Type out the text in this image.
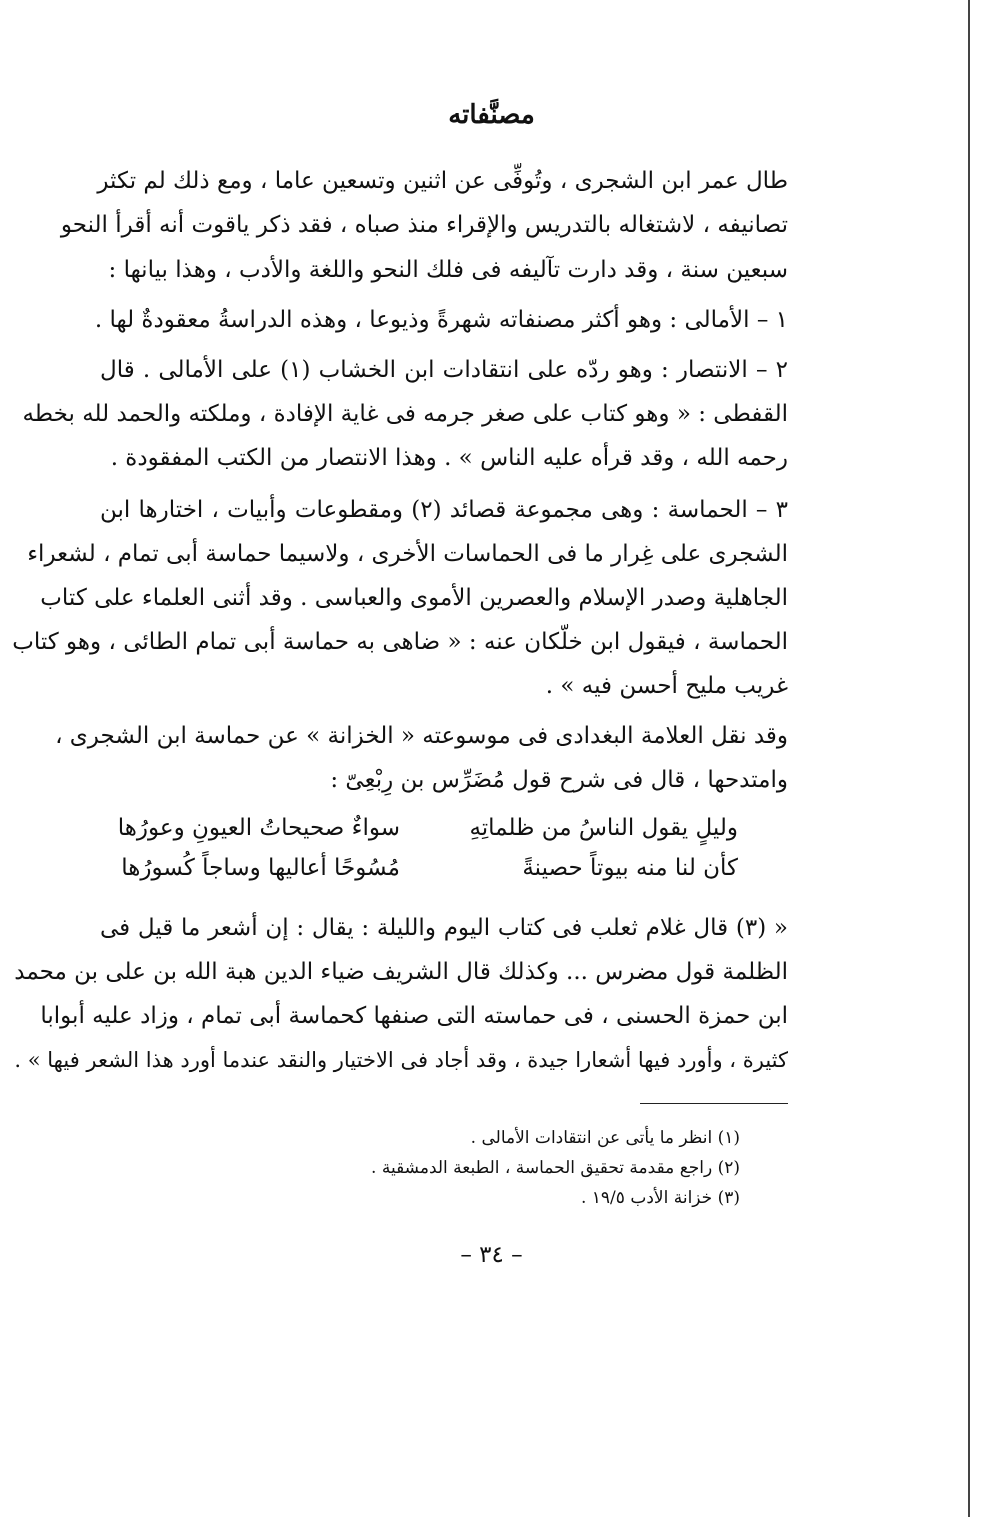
مصنَّفاته
طال عمر ابن الشجرى ، وتُوفِّى عن اثنين وتسعين عاما ، ومع ذلك لم تكثر
تصانيفه ، لاشتغاله بالتدريس والإقراء منذ صباه ، فقد ذكر ياقوت أنه أقرأ النحو
سبعين سنة ، وقد دارت تآليفه فى فلك النحو واللغة والأدب ، وهذا بيانها :
١ – الأمالى : وهو أكثر مصنفاته شهرةً وذيوعا ، وهذه الدراسةُ معقودةٌ لها .
٢ – الانتصار : وهو ردّه على انتقادات ابن الخشاب (١) على الأمالى . قال
القفطى : « وهو كتاب على صغر جرمه فى غاية الإفادة ، وملكته والحمد لله بخطه
رحمه الله ، وقد قرأه عليه الناس » . وهذا الانتصار من الكتب المفقودة .
٣ – الحماسة : وهى مجموعة قصائد (٢) ومقطوعات وأبيات ، اختارها ابن
الشجرى على غِرار ما فى الحماسات الأخرى ، ولاسيما حماسة أبى تمام ، لشعراء
الجاهلية وصدر الإسلام والعصرين الأموى والعباسى . وقد أثنى العلماء على كتاب
الحماسة ، فيقول ابن خلّكان عنه : « ضاهى به حماسة أبى تمام الطائى ، وهو كتاب
غريب مليح أحسن فيه » .
وقد نقل العلامة البغدادى فى موسوعته « الخزانة » عن حماسة ابن الشجرى ،
وامتدحها ، قال فى شرح قول مُضَرِّس بن رِبْعِىّ :
وليلٍ يقول الناسُ من ظلماتِهِ
سواءٌ صحيحاتُ العيونِ وعورُها
كأن لنا منه بيوتاً حصينةً
مُسُوحًا أعاليها وساجاً كُسورُها
« (٣) قال غلام ثعلب فى كتاب اليوم والليلة : يقال : إن أشعر ما قيل فى
الظلمة قول مضرس ... وكذلك قال الشريف ضياء الدين هبة الله بن على بن محمد
ابن حمزة الحسنى ، فى حماسته التى صنفها كحماسة أبى تمام ، وزاد عليه أبوابا
كثيرة ، وأورد فيها أشعارا جيدة ، وقد أجاد فى الاختيار والنقد عندما أورد هذا الشعر فيها » .
(١) انظر ما يأتى عن انتقادات الأمالى .
(٢) راجع مقدمة تحقيق الحماسة ، الطبعة الدمشقية .
(٣) خزانة الأدب ١٩/٥ .
– ٣٤ –
